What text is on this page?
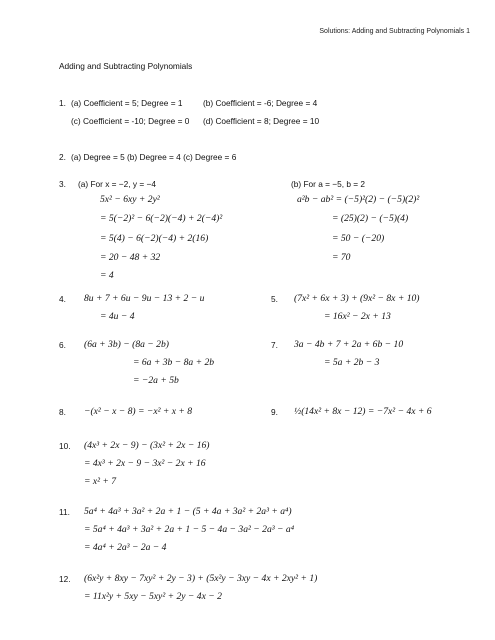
Solutions: Adding and Subtracting Polynomials 1
Adding and Subtracting Polynomials
1. (a) Coefficient = 5; Degree = 1 (b) Coefficient = -6; Degree = 4
(c) Coefficient = -10; Degree = 0 (d) Coefficient = 8; Degree = 10
2. (a) Degree = 5 (b) Degree = 4 (c) Degree = 6
3. (a) For x = −2, y = −4
5x² − 6xy + 2y²
= 5(−2)² − 6(−2)(−4) + 2(−4)²
= 5(4) − 6(−2)(−4) + 2(16)
= 20 − 48 + 32
= 4
(b) For a = −5, b = 2
a²b − ab² = (−5)²(2) − (−5)(2)²
= (25)(2) − (−5)(4)
= 50 − (−20)
= 70
4. 8u + 7 + 6u − 9u − 13 + 2 − u
= 4u − 4
5. (7x² + 6x + 3) + (9x² − 8x + 10)
= 16x² − 2x + 13
6. (6a + 3b) − (8a − 2b)
= 6a + 3b − 8a + 2b
= −2a + 5b
7. 3a − 4b + 7 + 2a + 6b − 10
= 5a + 2b − 3
8. −(x² − x − 8) = −x² + x + 8	9. ½(14x² + 8x − 12) = −7x² − 4x + 6
10. (4x³ + 2x − 9) − (3x² + 2x − 16)
= 4x³ + 2x − 9 − 3x² − 2x + 16
= x² + 7
11. 5a⁴ + 4a³ + 3a² + 2a + 1 − (5 + 4a + 3a² + 2a³ + a⁴)
= 5a⁴ + 4a³ + 3a² + 2a + 1 − 5 − 4a − 3a² − 2a³ − a⁴
= 4a⁴ + 2a³ − 2a − 4
12. (6x²y + 8xy − 7xy² + 2y − 3) + (5x²y − 3xy − 4x + 2xy² + 1)
= 11x²y + 5xy − 5xy² + 2y − 4x − 2
